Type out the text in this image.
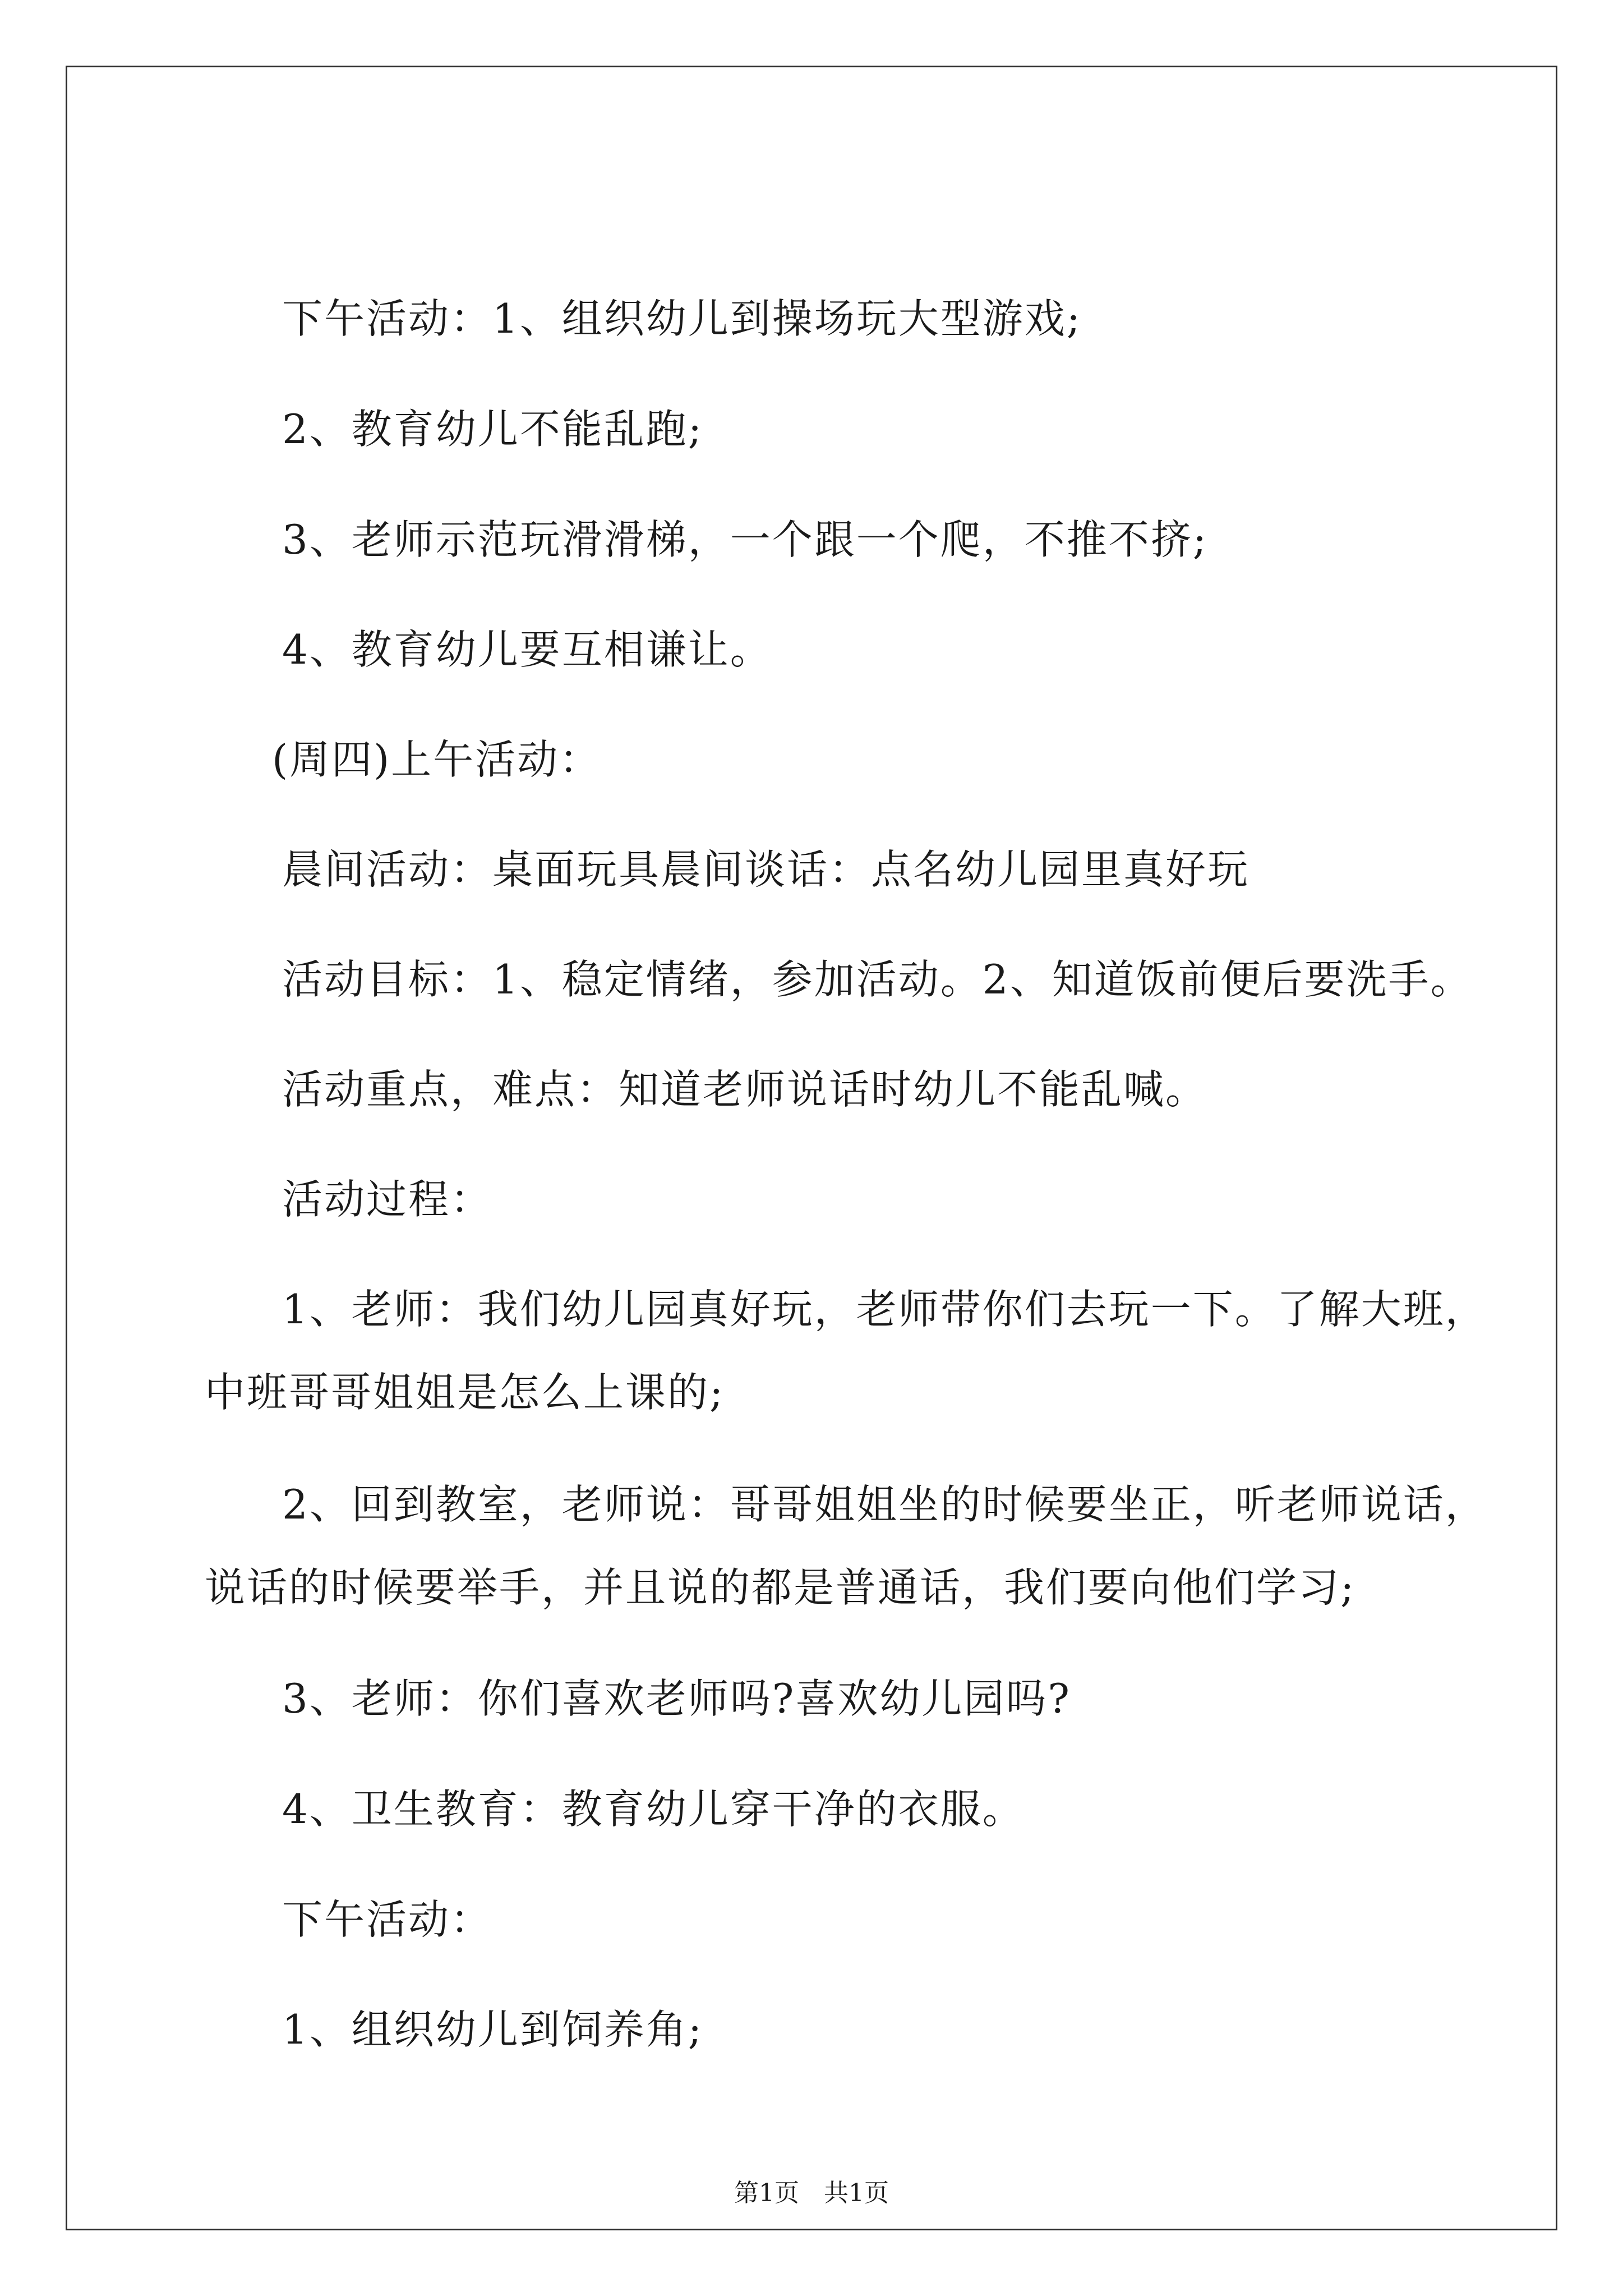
下午活动：1、组织幼儿到操场玩大型游戏;
2、教育幼儿不能乱跑;
3、老师示范玩滑滑梯，一个跟一个爬，不推不挤;
4、教育幼儿要互相谦让。
(周四)上午活动：
晨间活动：桌面玩具晨间谈话：点名幼儿园里真好玩
活动目标：1、稳定情绪，参加活动。2、知道饭前便后要洗手。
活动重点，难点：知道老师说话时幼儿不能乱喊。
活动过程：
1、老师：我们幼儿园真好玩，老师带你们去玩一下。了解大班，
中班哥哥姐姐是怎么上课的;
2、回到教室，老师说：哥哥姐姐坐的时候要坐正，听老师说话，
说话的时候要举手，并且说的都是普通话，我们要向他们学习;
3、老师：你们喜欢老师吗?喜欢幼儿园吗?
4、卫生教育：教育幼儿穿干净的衣服。
下午活动：
1、组织幼儿到饲养角;
第1页　共1页
